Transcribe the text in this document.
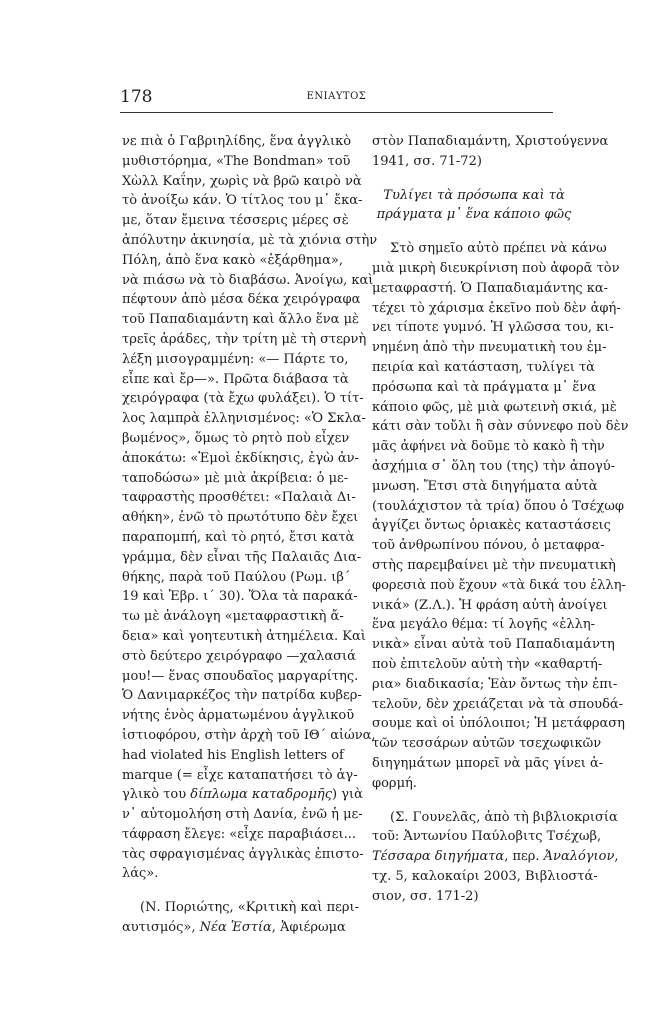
178	ΕΝΙΑΥΤΟΣ
νε πιὰ ὁ Γαβριηλίδης, ἕνα ἀγγλικὸ
μυθιστόρημα, «The Bondman» τοῦ
Χὼλλ Καΐην, χωρὶς νὰ βρῶ καιρὸ νὰ
τὸ ἀνοίξω κάν. Ὁ τίτλος του μ᾽ ἔκα-
με, ὅταν ἔμεινα τέσσερις μέρες σὲ
ἀπόλυτην ἀκινησία, μὲ τὰ χιόνια στὴν
Πόλη, ἀπὸ ἕνα κακὸ «ἐξάρθημα»,
νὰ πιάσω νὰ τὸ διαβάσω. Ἀνοίγω, καὶ
πέφτουν ἀπὸ μέσα δέκα χειρόγραφα
τοῦ Παπαδιαμάντη καὶ ἄλλο ἕνα μὲ
τρεῖς ἀράδες, τὴν τρίτη μὲ τὴ στερνὴ
λέξη μισογραμμένη: «— Πάρτε το,
εἶπε καὶ ἔρ—». Πρῶτα διάβασα τὰ
χειρόγραφα (τὰ ἔχω φυλάξει). Ὁ τίτ-
λος λαμπρὰ ἑλληνισμένος: «Ὁ Σκλα-
βωμένος», ὅμως τὸ ρητὸ ποὺ εἶχεν
ἀποκάτω: «Ἐμοὶ ἐκδίκησις, ἐγὼ ἀν-
ταποδώσω» μὲ μιὰ ἀκρίβεια: ὁ με-
ταφραστὴς προσθέτει: «Παλαιὰ Δι-
αθήκη», ἐνῶ τὸ πρωτότυπο δὲν ἔχει
παραπομπή, καὶ τὸ ρητό, ἔτσι κατὰ
γράμμα, δὲν εἶναι τῆς Παλαιᾶς Δια-
θήκης, παρὰ τοῦ Παύλου (Ρωμ. ιβ´
19 καὶ Ἑβρ. ι´ 30). Ὅλα τὰ παρακά-
τω μὲ ἀνάλογη «μεταφραστικὴ ἄ-
δεια» καὶ γοητευτικὴ ἀτημέλεια. Καὶ
στὸ δεύτερο χειρόγραφο —χαλασιά
μου!— ἕνας σπουδαῖος μαργαρίτης.
Ὁ Δανιμαρκέζος τὴν πατρίδα κυβερ-
νήτης ἑνὸς ἁρματωμένου ἀγγλικοῦ
ἱστιοφόρου, στὴν ἀρχὴ τοῦ ΙΘ´ αἰώνα,
had violated his English letters of
marque (= εἶχε καταπατήσει τὸ ἀγ-
γλικὸ του δίπλωμα καταδρομῆς) γιὰ
ν᾽ αὐτομολήση στὴ Δανία, ἐνῶ ἡ με-
τάφραση ἔλεγε: «εἶχε παραβιάσει...
τὰς σφραγισμένας ἀγγλικὰς ἐπιστο-
λάς».
(Ν. Ποριώτης, «Κριτικὴ καὶ περι-
αυτισμός», Νέα Ἑστία, Ἀφιέρωμα
στὸν Παπαδιαμάντη, Χριστούγεννα
1941, σσ. 71-72)
Τυλίγει τὰ πρόσωπα καὶ τὰ
πράγματα μ᾽ ἕνα κάποιο φῶς
Στὸ σημεῖο αὐτὸ πρέπει νὰ κάνω
μιὰ μικρὴ διευκρίνιση ποὺ ἀφορᾶ τὸν
μεταφραστή. Ὁ Παπαδιαμάντης κα-
τέχει τὸ χάρισμα ἐκεῖνο ποὺ δὲν ἀφή-
νει τίποτε γυμνό. Ἡ γλῶσσα του, κι-
νημένη ἀπὸ τὴν πνευματικὴ του ἐμ-
πειρία καὶ κατάσταση, τυλίγει τὰ
πρόσωπα καὶ τὰ πράγματα μ᾽ ἕνα
κάποιο φῶς, μὲ μιὰ φωτεινὴ σκιά, μὲ
κάτι σὰν τοὔλι ἢ σὰν σύννεφο ποὺ δὲν
μᾶς ἀφήνει νὰ δοῦμε τὸ κακὸ ἢ τὴν
ἀσχήμια σ᾽ ὅλη του (της) τὴν ἀπογύ-
μνωση. Ἔτσι στὰ διηγήματα αὐτὰ
(τουλάχιστον τὰ τρία) ὅπου ὁ Τσέχωφ
ἀγγίζει ὄντως ὁριακὲς καταστάσεις
τοῦ ἀνθρωπίνου πόνου, ὁ μεταφρα-
στὴς παρεμβαίνει μὲ τὴν πνευματικὴ
φορεσιὰ ποὺ ἔχουν «τὰ δικά του ἑλλη-
νικά» (Ζ.Λ.). Ἡ φράση αὐτὴ ἀνοίγει
ἕνα μεγάλο θέμα: τί λογῆς «ἑλλη-
νικὰ» εἶναι αὐτὰ τοῦ Παπαδιαμάντη
ποὺ ἐπιτελοῦν αὐτὴ τὴν «καθαρτή-
ρια» διαδικασία; Ἐὰν ὄντως τὴν ἐπι-
τελοῦν, δὲν χρειάζεται νὰ τὰ σπουδά-
σουμε καὶ οἱ ὑπόλοιποι; Ἡ μετάφραση
τῶν τεσσάρων αὐτῶν τσεχωφικῶν
διηγημάτων μπορεῖ νὰ μᾶς γίνει ἀ-
φορμή.
(Σ. Γουνελᾶς, ἀπὸ τὴ βιβλιοκρισία
τοῦ: Ἀντωνίου Παύλοβιτς Τσέχωβ,
Τέσσαρα διηγήματα, περ. Ἀναλόγιον,
τχ. 5, καλοκαίρι 2003, Βιβλιοστά-
σιον, σσ. 171-2)
